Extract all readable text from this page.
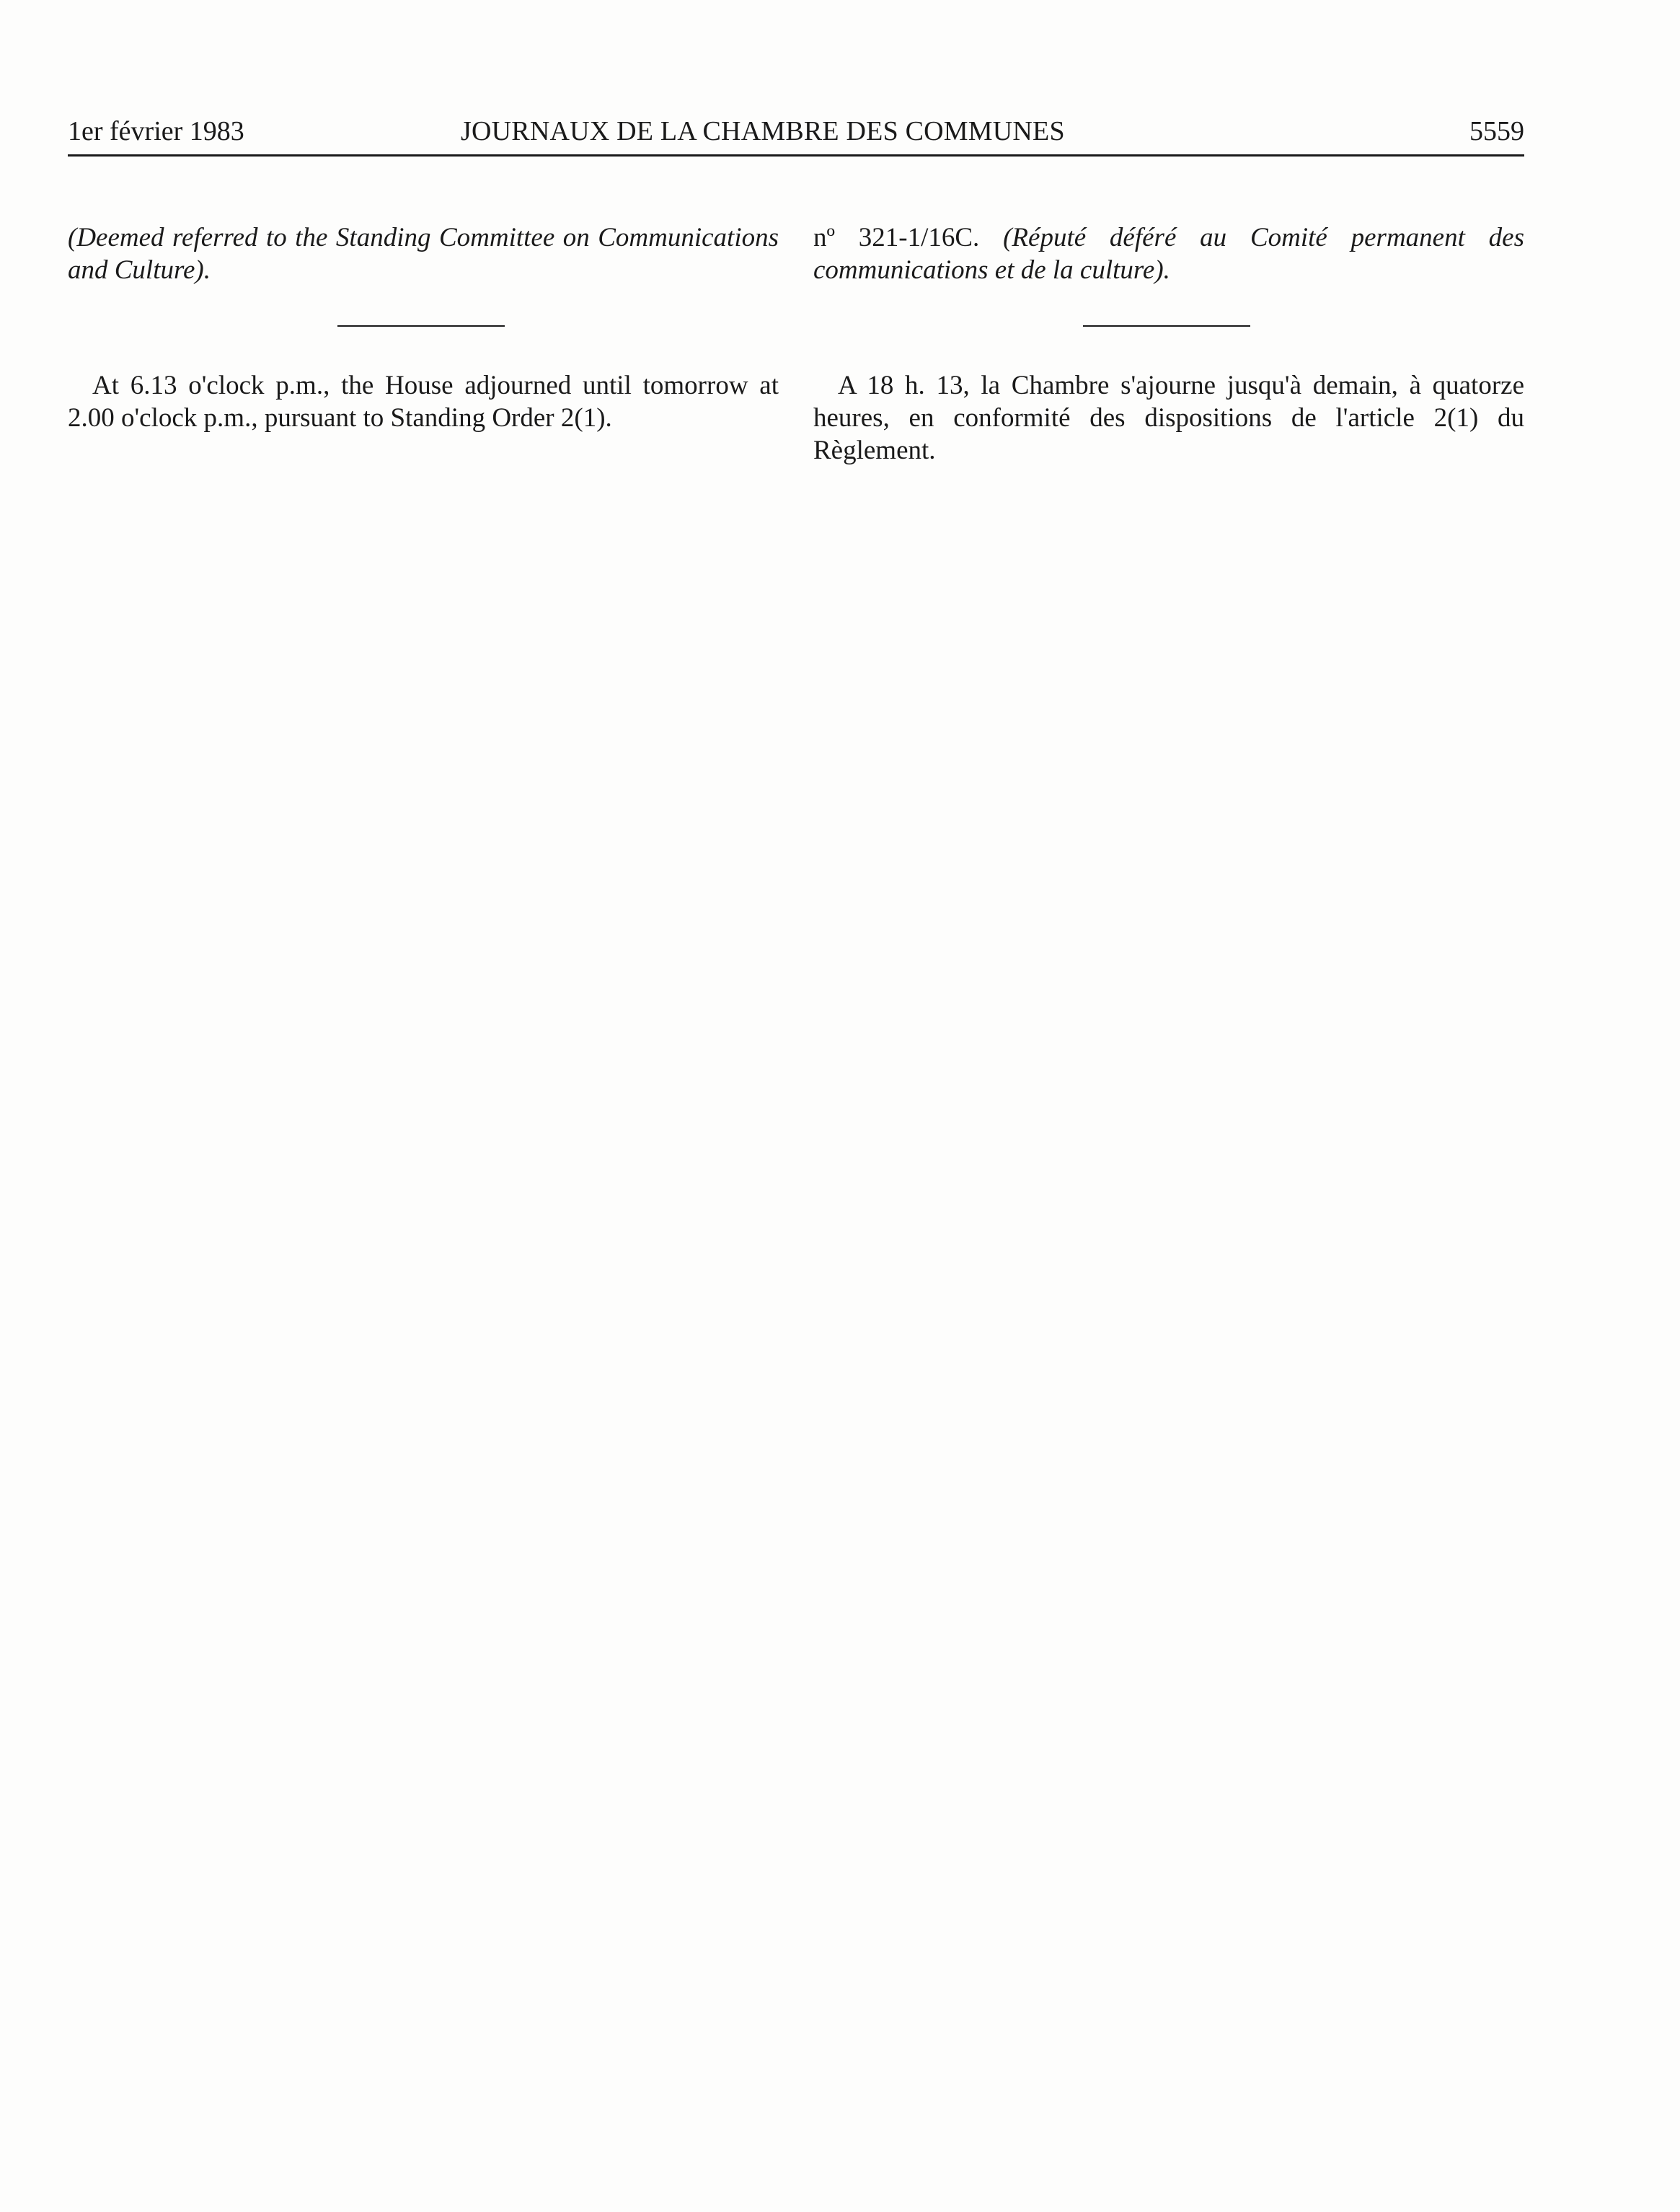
1er février 1983	JOURNAUX DE LA CHAMBRE DES COMMUNES	5559
(Deemed referred to the Standing Committee on Communications and Culture).
At 6.13 o'clock p.m., the House adjourned until tomorrow at 2.00 o'clock p.m., pursuant to Standing Order 2(1).
nº 321-1/16C. (Réputé déféré au Comité permanent des communications et de la culture).
A 18 h. 13, la Chambre s'ajourne jusqu'à demain, à quatorze heures, en conformité des dispositions de l'article 2(1) du Règlement.
